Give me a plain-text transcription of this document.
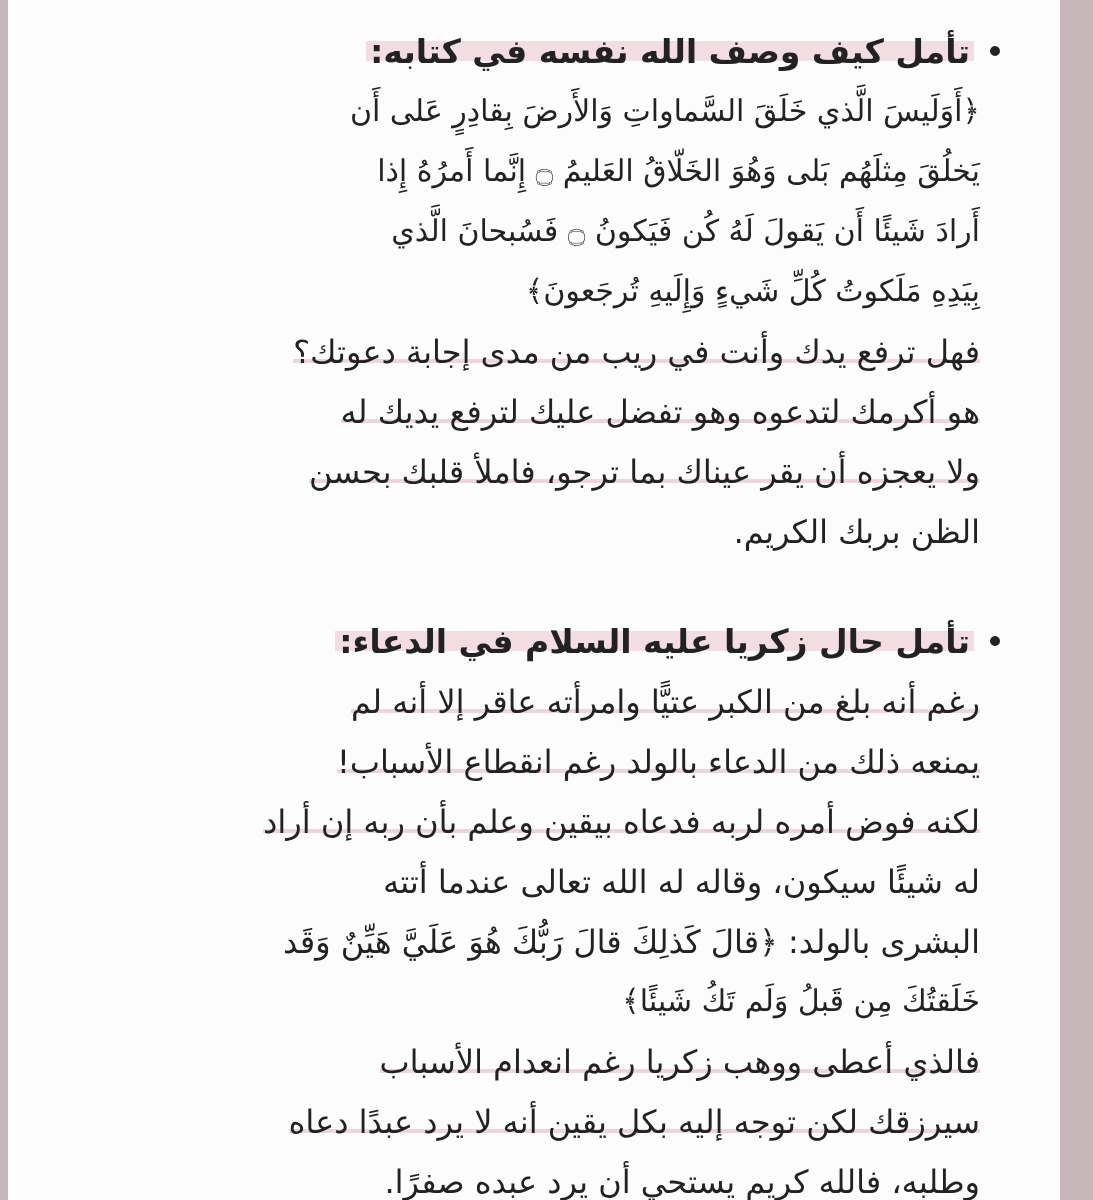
تأمل كيف وصف الله نفسه في كتابه:
﴿أَوَلَيسَ الَّذي خَلَقَ السَّماواتِ وَالأَرضَ بِقادِرٍ عَلى أَن
يَخلُقَ مِثلَهُم بَلى وَهُوَ الخَلّاقُ العَليمُ ۝ إِنَّما أَمرُهُ إِذا
أَرادَ شَيئًا أَن يَقولَ لَهُ كُن فَيَكونُ ۝ فَسُبحانَ الَّذي
بِيَدِهِ مَلَكوتُ كُلِّ شَيءٍ وَإِلَيهِ تُرجَعونَ﴾
فهل ترفع يدك وأنت في ريب من مدى إجابة دعوتك؟
هو أكرمك لتدعوه وهو تفضل عليك لترفع يديك له
ولا يعجزه أن يقر عيناك بما ترجو، فاملأ قلبك بحسن
الظن بربك الكريم.
تأمل حال زكريا عليه السلام في الدعاء:
رغم أنه بلغ من الكبر عتيًّا وامرأته عاقر إلا أنه لم
يمنعه ذلك من الدعاء بالولد رغم انقطاع الأسباب!
لكنه فوض أمره لربه فدعاه بيقين وعلم بأن ربه إن أراد
له شيئًا سيكون، وقاله له الله تعالى عندما أتته
البشرى بالولد: ﴿قالَ كَذلِكَ قالَ رَبُّكَ هُوَ عَلَيَّ هَيِّنٌ وَقَد
خَلَقتُكَ مِن قَبلُ وَلَم تَكُ شَيئًا﴾
فالذي أعطى ووهب زكريا رغم انعدام الأسباب
سيرزقك لكن توجه إليه بكل يقين أنه لا يرد عبدًا دعاه
وطلبه، فالله كريم يستحي أن يرد عبده صفرًا.
